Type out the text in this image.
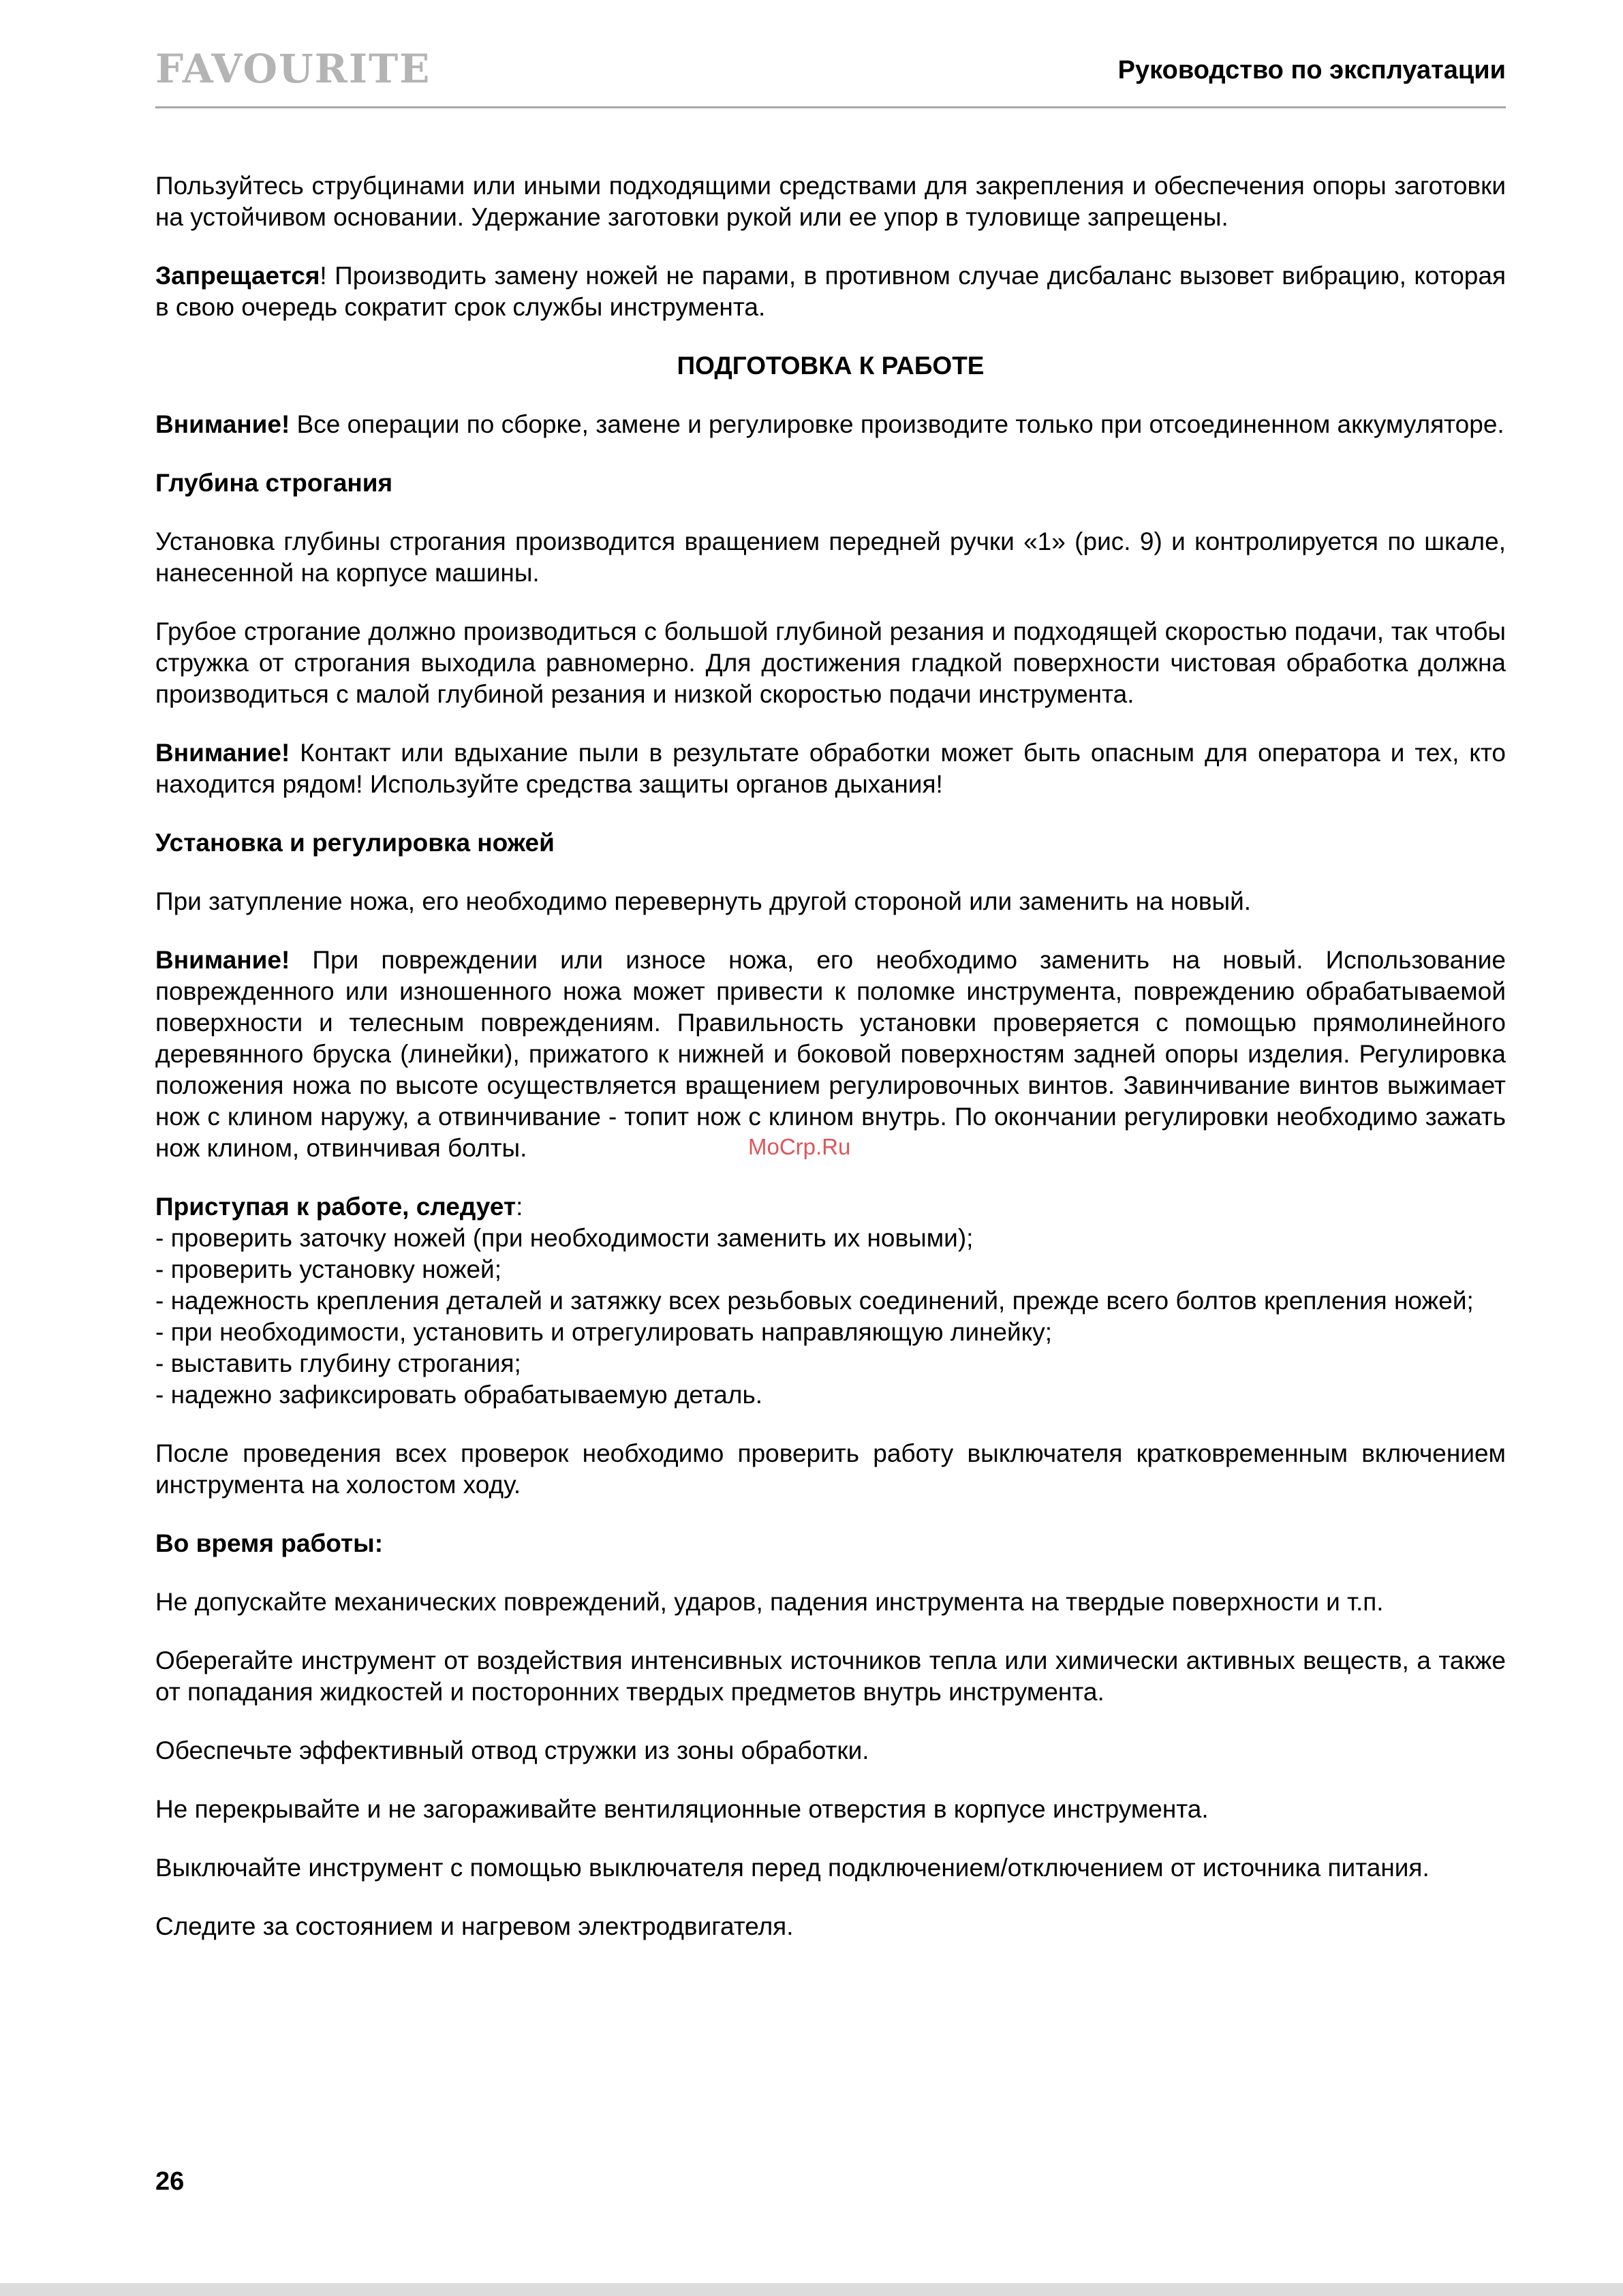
FAVOURITE	Руководство по эксплуатации

Пользуйтесь струбцинами или иными подходящими средствами для закрепления и обеспечения опоры заготовки на устойчивом основании. Удержание заготовки рукой или ее упор в туловище запрещены.

Запрещается! Производить замену ножей не парами, в противном случае дисбаланс вызовет вибрацию, которая в свою очередь сократит срок службы инструмента.

ПОДГОТОВКА К РАБОТЕ

Внимание! Все операции по сборке, замене и регулировке производите только при отсоединенном аккумуляторе.

Глубина строгания

Установка глубины строгания производится вращением передней ручки «1» (рис. 9) и контролируется по шкале, нанесенной на корпусе машины.

Грубое строгание должно производиться с большой глубиной резания и подходящей скоростью подачи, так чтобы стружка от строгания выходила равномерно. Для достижения гладкой поверхности чистовая обработка должна производиться с малой глубиной резания и низкой скоростью подачи инструмента.

Внимание! Контакт или вдыхание пыли в результате обработки может быть опасным для оператора и тех, кто находится рядом! Используйте средства защиты органов дыхания!

Установка и регулировка ножей

При затупление ножа, его необходимо перевернуть другой стороной или заменить на новый.

Внимание! При повреждении или износе ножа, его необходимо заменить на новый. Использование поврежденного или изношенного ножа может привести к поломке инструмента, повреждению обрабатываемой поверхности и телесным повреждениям. Правильность установки проверяется с помощью прямолинейного деревянного бруска (линейки), прижатого к нижней и боковой поверхностям задней опоры изделия. Регулировка положения ножа по высоте осуществляется вращением регулировочных винтов. Завинчивание винтов выжимает нож с клином наружу, а отвинчивание - топит нож с клином внутрь. По окончании регулировки необходимо зажать нож клином, отвинчивая болты.

Приступая к работе, следует:
- проверить заточку ножей (при необходимости заменить их новыми);
- проверить установку ножей;
- надежность крепления деталей и затяжку всех резьбовых соединений, прежде всего болтов крепления ножей;
- при необходимости, установить и отрегулировать направляющую линейку;
- выставить глубину строгания;
- надежно зафиксировать обрабатываемую деталь.

После проведения всех проверок необходимо проверить работу выключателя кратковременным включением инструмента на холостом ходу.

Во время работы:

Не допускайте механических повреждений, ударов, падения инструмента на твердые поверхности и т.п.

Оберегайте инструмент от воздействия интенсивных источников тепла или химически активных веществ, а также от попадания жидкостей и посторонних твердых предметов внутрь инструмента.

Обеспечьте эффективный отвод стружки из зоны обработки.

Не перекрывайте и не загораживайте вентиляционные отверстия в корпусе инструмента.

Выключайте инструмент с помощью выключателя перед подключением/отключением от источника питания.

Следите за состоянием и нагревом электродвигателя.

MoCrp.Ru
26
